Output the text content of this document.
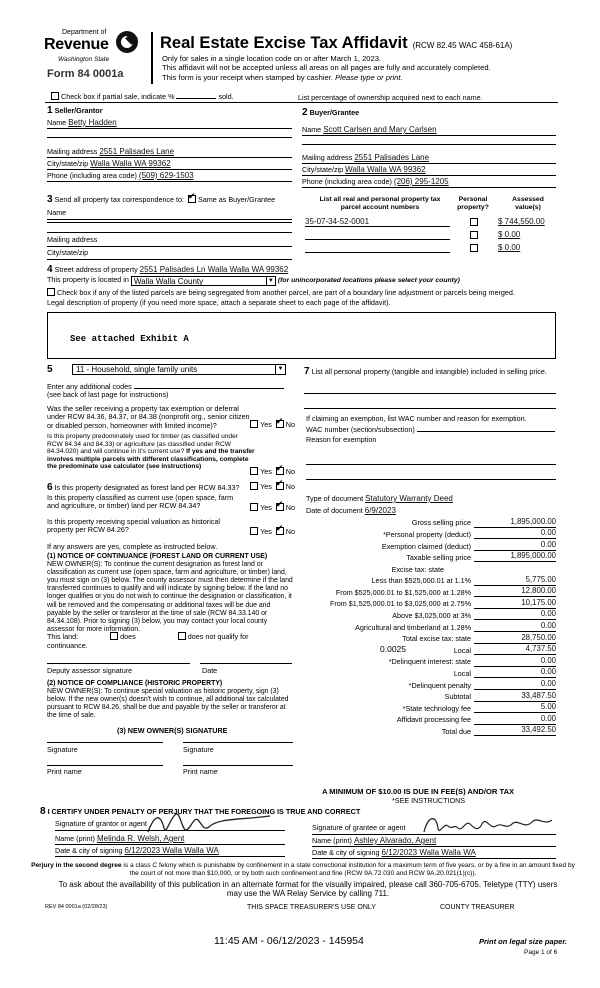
Department of
Revenue
Washington State
Form 84 0001a
Real Estate Excise Tax Affidavit (RCW 82.45 WAC 458-61A)
Only for sales in a single location code on or after March 1, 2023.
This affidavit will not be accepted unless all areas on all pages are fully and accurately completed.
This form is your receipt when stamped by cashier. Please type or print.
Check box if partial sale, indicate %	sold.	List percentage of ownership acquired next to each name.
1 Seller/Grantor
Name Betty Hadden
Mailing address 2551 Palisades Lane
City/state/zip Walla Walla WA 99362
Phone (including area code) (509) 629-1503
2 Buyer/Grantee
Name Scott Carlsen and Mary Carlsen
Mailing address 2551 Palisades Lane
City/state/zip Walla Walla WA 99362
Phone (including area code) (206) 295-1205
3 Send all property tax correspondence to: ✔ Same as Buyer/Grantee
Name
Mailing address
City/state/zip
List all real and personal property tax parcel account numbers
Personal property?
Assessed value(s)
35-07-34-52-0001	$ 744,550.00
$ 0.00
$ 0.00
4 Street address of property 2551 Palisades Ln Walla Walla WA 99362
This property is located in Walla Walla County	▼ (for unincorporated locations please select your county)
Check box if any of the listed parcels are being segregated from another parcel, are part of a boundary line adjustment or parcels being merged.
Legal description of property (if you need more space, attach a separate sheet to each page of the affidavit).
See attached Exhibit A
5	11 - Household, single family units	▼
Enter any additional codes
(see back of last page for instructions)
Was the seller receiving a property tax exemption or deferral under RCW 84.36, 84.37, or 84.38 (nonprofit org., senior citizen or disabled person, homeowner with limited income)?	Yes ✔ No
Is this property predominately used for timber (as classified under RCW 84.34 and 84.33) or agriculture (as classified under RCW 84.34.020) and will continue in it's current use? If yes and the transfer involves multiple parcels with different classifications, complete the predominate use calculator (see instructions)
Yes ✔ No
6 Is this property designated as forest land per RCW 84.33?	Yes ✔ No
Is this property classified as current use (open space, farm and agriculture, or timber) land per RCW 84.34?	Yes ✔ No
Is this property receiving special valuation as historical property per RCW 84.26?	Yes ✔ No
If any answers are yes, complete as instructed below.
(1) NOTICE OF CONTINUANCE (FOREST LAND OR CURRENT USE)
NEW OWNER(S): To continue the current designation as forest land or classification as current use (open space, farm and agriculture, or timber) land, you must sign on (3) below. The county assessor must then determine if the land transferred continues to qualify and will indicate by signing below. If the land no longer qualifies or you do not wish to continue the designation or classification, it will be removed and the compensating or additional taxes will be due and payable by the seller or transferor at the time of sale (RCW 84.33.140 or 84.34.108). Prior to signing (3) below, you may contact your local county assessor for more information.
This land:	does	does not qualify for
continuance.
Deputy assessor signature	Date
(2) NOTICE OF COMPLIANCE (HISTORIC PROPERTY)
NEW OWNER(S): To continue special valuation as historic property, sign (3) below. If the new owner(s) doesn't wish to continue, all additional tax calculated pursuant to RCW 84.26, shall be due and payable by the seller or transferor at the time of sale.
(3) NEW OWNER(S) SIGNATURE
Signature	Signature
Print name	Print name
7 List all personal property (tangible and intangible) included in selling price.
If claiming an exemption, list WAC number and reason for exemption.
WAC number (section/subsection)
Reason for exemption
Type of document Statutory Warranty Deed
Date of document 6/9/2023
Gross selling price	1,895,000.00
*Personal property (deduct)	0.00
Exemption claimed (deduct)	0.00
Taxable selling price	1,895,000.00
Excise tax: state
Less than $525,000.01 at 1.1%	5,775.00
From $525,000.01 to $1,525,000 at 1.28%	12,800.00
From $1,525,000.01 to $3,025,000 at 2.75%	10,175.00
Above $3,025,000 at 3%	0.00
Agricultural and timberland at 1.28%	0.00
Total excise tax: state	28,750.00
0.0025	Local	4,737.50
*Delinquent interest: state	0.00
Local	0.00
*Delinquent penalty	0.00
Subtotal	33,487.50
*State technology fee	5.00
Affidavit processing fee	0.00
Total due	33,492.50
A MINIMUM OF $10.00 IS DUE IN FEE(S) AND/OR TAX
*SEE INSTRUCTIONS
8 I CERTIFY UNDER PENALTY OF PERJURY THAT THE FOREGOING IS TRUE AND CORRECT
Signature of grantor or agent
Name (print) Melinda R. Welsh, Agent
Date & city of signing 6/12/2023 Walla Walla WA
Signature of grantee or agent
Name (print) Ashley Alvarado, Agent
Date & city of signing 6/12/2023 Walla Walla WA
Perjury in the second degree is a class C felony which is punishable by confinement in a state correctional institution for a maximum term of five years, or by a fine in an amount fixed by the court of not more than $10,000, or by both such confinement and fine (RCW 9A.72.030 and RCW 9A.20.021(1)(c)).
To ask about the availability of this publication in an alternate format for the visually impaired, please call 360-705-6705. Teletype (TTY) users may use the WA Relay Service by calling 711.
REV 84 0001a (02/28/23)	THIS SPACE TREASURER'S USE ONLY	COUNTY TREASURER
11:45 AM - 06/12/2023 - 145954	Print on legal size paper.
Page 1 of 6
